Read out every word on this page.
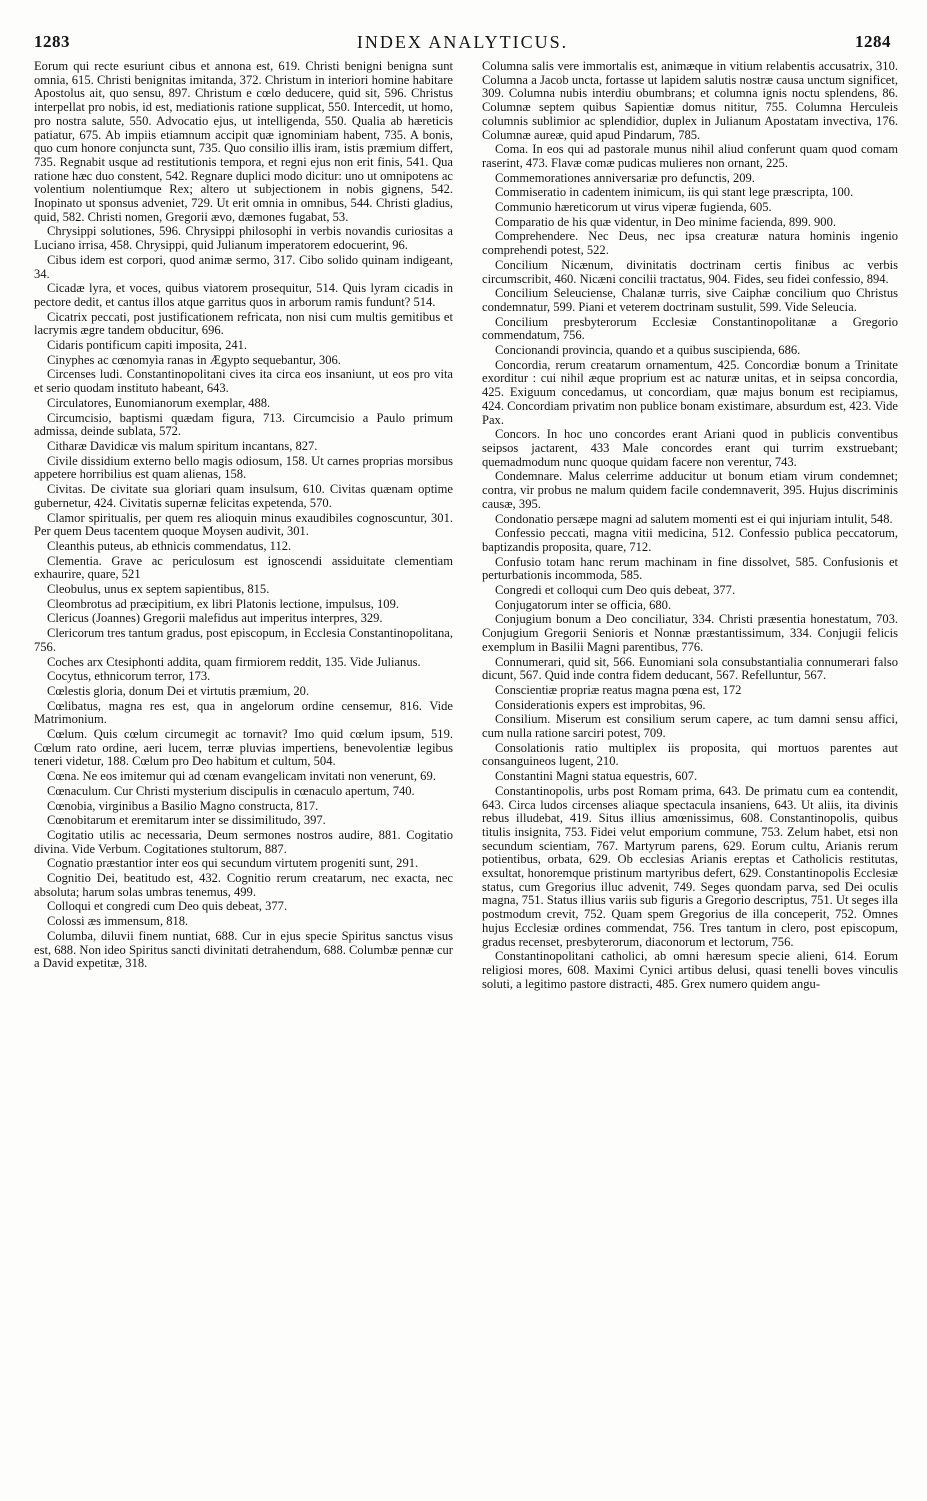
1283	INDEX ANALYTICUS.	1284

Eorum qui recte esuriunt cibus et annona est, 619. Christi benigni benigna sunt omnia, 615. Christi benignitas imitanda, 372. Christum in interiori homine habitare Apostolus ait, quo sensu, 897. Christum e cœlo deducere, quid sit, 596. Christus interpellat pro nobis, id est, mediationis ratione supplicat, 550. Intercedit, ut homo, pro nostra salute, 550. Advocatio ejus, ut intelligenda, 550. Qualia ab hæreticis patiatur, 675. Ab impiis etiamnum accipit quæ ignominiam habent, 735. A bonis, quo cum honore conjuncta sunt, 735. Quo consilio illis iram, istis præmium differt, 735. Regnabit usque ad restitutionis tempora, et regni ejus non erit finis, 541. Qua ratione hæc duo constent, 542. Regnare duplici modo dicitur: uno ut omnipotens ac volentium nolentiumque Rex; altero ut subjectionem in nobis gignens, 542. Inopinato ut sponsus adveniet, 729. Ut erit omnia in omnibus, 544. Christi gladius, quid, 582. Christi nomen, Gregorii ævo, dæmones fugabat, 53.

Chrysippi solutiones, 596. Chrysippi philosophi in verbis novandis curiositas a Luciano irrisa, 458. Chrysippi, quid Julianum imperatorem edocuerint, 96.

Cibus idem est corpori, quod animæ sermo, 317. Cibo solido quinam indigeant, 34.

Cicadæ lyra, et voces, quibus viatorem prosequitur, 514. Quis lyram cicadis in pectore dedit, et cantus illos atque garritus quos in arborum ramis fundunt? 514.

Cicatrix peccati, post justificationem refricata, non nisi cum multis gemitibus et lacrymis ægre tandem obducitur, 696.

Cidaris pontificum capiti imposita, 241.

Cinyphes ac cœnomyia ranas in Ægypto sequebantur, 306.

Circenses ludi. Constantinopolitani cives ita circa eos insaniunt, ut eos pro vita et serio quodam instituto habeant, 643.

Circulatores, Eunomianorum exemplar, 488.

Circumcisio, baptismi quædam figura, 713. Circumcisio a Paulo primum admissa, deinde sublata, 572.

Citharæ Davidicæ vis malum spiritum incantans, 827.

Civile dissidium externo bello magis odiosum, 158. Ut carnes proprias morsibus appetere horribilius est quam alienas, 158.

Civitas. De civitate sua gloriari quam insulsum, 610. Civitas quænam optime gubernetur, 424. Civitatis supernæ felicitas expetenda, 570.

Clamor spiritualis, per quem res alioquin minus exaudibiles cognoscuntur, 301. Per quem Deus tacentem quoque Moysen audivit, 301.

Cleanthis puteus, ab ethnicis commendatus, 112.

Clementia. Grave ac periculosum est ignoscendi assiduitate clementiam exhaurire, quare, 521

Cleobulus, unus ex septem sapientibus, 815.

Cleombrotus ad præcipitium, ex libri Platonis lectione, impulsus, 109.

Clericus (Joannes) Gregorii malefidus aut imperitus interpres, 329.

Clericorum tres tantum gradus, post episcopum, in Ecclesia Constantinopolitana, 756.

Coches arx Ctesiphonti addita, quam firmiorem reddit, 135. Vide Julianus.

Cocytus, ethnicorum terror, 173.

Cœlestis gloria, donum Dei et virtutis præmium, 20.

Cœlibatus, magna res est, qua in angelorum ordine censemur, 816. Vide Matrimonium.

Cœlum. Quis cœlum circumegit ac tornavit? Imo quid cœlum ipsum, 519. Cœlum rato ordine, aeri lucem, terræ pluvias impertiens, benevolentiæ legibus teneri videtur, 188. Cœlum pro Deo habitum et cultum, 504.

Cœna. Ne eos imitemur qui ad cœnam evangelicam invitati non venerunt, 69.

Cœnaculum. Cur Christi mysterium discipulis in cœnaculo apertum, 740.

Cœnobia, virginibus a Basilio Magno constructa, 817.

Cœnobitarum et eremitarum inter se dissimilitudo, 397.

Cogitatio utilis ac necessaria, Deum sermones nostros audire, 881. Cogitatio divina. Vide Verbum. Cogitationes stultorum, 887.

Cognatio præstantior inter eos qui secundum virtutem progeniti sunt, 291.

Cognitio Dei, beatitudo est, 432. Cognitio rerum creatarum, nec exacta, nec absoluta; harum solas umbras tenemus, 499.

Colloqui et congredi cum Deo quis debeat, 377.

Colossi æs immensum, 818.

Columba, diluvii finem nuntiat, 688. Cur in ejus specie Spiritus sanctus visus est, 688. Non ideo Spiritus sancti divinitati detrahendum, 688. Columbæ pennæ cur a David expetitæ, 318.

Columna salis vere immortalis est, animæque in vitium relabentis accusatrix, 310. Columna a Jacob uncta, fortasse ut lapidem salutis nostræ causa unctum significet, 309. Columna nubis interdiu obumbrans; et columna ignis noctu splendens, 86. Columnæ septem quibus Sapientiæ domus nititur, 755. Columna Herculeis columnis sublimior ac splendidior, duplex in Julianum Apostatam invectiva, 176. Columnæ aureæ, quid apud Pindarum, 785.

Coma. In eos qui ad pastorale munus nihil aliud conferunt quam quod comam raserint, 473. Flavæ comæ pudicas mulieres non ornant, 225.

Commemorationes anniversariæ pro defunctis, 209.

Commiseratio in cadentem inimicum, iis qui stant lege præscripta, 100.

Communio hæreticorum ut virus viperæ fugienda, 605.

Comparatio de his quæ videntur, in Deo minime facienda, 899. 900.

Comprehendere. Nec Deus, nec ipsa creaturæ natura hominis ingenio comprehendi potest, 522.

Concilium Nicænum, divinitatis doctrinam certis finibus ac verbis circumscribit, 460. Nicæni concilii tractatus, 904. Fides, seu fidei confessio, 894.

Concilium Seleuciense, Chalanæ turris, sive Caiphæ concilium quo Christus condemnatur, 599. Piani et veterem doctrinam sustulit, 599. Vide Seleucia.

Concilium presbyterorum Ecclesiæ Constantinopolitanæ a Gregorio commendatum, 756.

Concionandi provincia, quando et a quibus suscipienda, 686.

Concordia, rerum creatarum ornamentum, 425. Concordiæ bonum a Trinitate exorditur : cui nihil æque proprium est ac naturæ unitas, et in seipsa concordia, 425. Exiguum concedamus, ut concordiam, quæ majus bonum est recipiamus, 424. Concordiam privatim non publice bonam existimare, absurdum est, 423. Vide Pax.

Concors. In hoc uno concordes erant Ariani quod in publicis conventibus seipsos jactarent, 433 Male concordes erant qui turrim exstruebant; quemadmodum nunc quoque quidam facere non verentur, 743.

Condemnare. Malus celerrime adducitur ut bonum etiam virum condemnet; contra, vir probus ne malum quidem facile condemnaverit, 395. Hujus discriminis causæ, 395.

Condonatio persæpe magni ad salutem momenti est ei qui injuriam intulit, 548.

Confessio peccati, magna vitii medicina, 512. Confessio publica peccatorum, baptizandis proposita, quare, 712.

Confusio totam hanc rerum machinam in fine dissolvet, 585. Confusionis et perturbationis incommoda, 585.

Congredi et colloqui cum Deo quis debeat, 377.

Conjugatorum inter se officia, 680.

Conjugium bonum a Deo conciliatur, 334. Christi præsentia honestatum, 703. Conjugium Gregorii Senioris et Nonnæ præstantissimum, 334. Conjugii felicis exemplum in Basilii Magni parentibus, 776.

Connumerari, quid sit, 566. Eunomiani sola consubstantialia connumerari falso dicunt, 567. Quid inde contra fidem deducant, 567. Refelluntur, 567.

Conscientiæ propriæ reatus magna pœna est, 172

Considerationis expers est improbitas, 96.

Consilium. Miserum est consilium serum capere, ac tum damni sensu affici, cum nulla ratione sarciri potest, 709.

Consolationis ratio multiplex iis proposita, qui mortuos parentes aut consanguineos lugent, 210.

Constantini Magni statua equestris, 607.

Constantinopolis, urbs post Romam prima, 643. De primatu cum ea contendit, 643. Circa ludos circenses aliaque spectacula insaniens, 643. Ut aliis, ita divinis rebus illudebat, 419. Situs illius amœnissimus, 608. Constantinopolis, quibus titulis insignita, 753. Fidei velut emporium commune, 753. Zelum habet, etsi non secundum scientiam, 767. Martyrum parens, 629. Eorum cultu, Arianis rerum potientibus, orbata, 629. Ob ecclesias Arianis ereptas et Catholicis restitutas, exsultat, honoremque pristinum martyribus defert, 629. Constantinopolis Ecclesiæ status, cum Gregorius illuc advenit, 749. Seges quondam parva, sed Dei oculis magna, 751. Status illius variis sub figuris a Gregorio descriptus, 751. Ut seges illa postmodum crevit, 752. Quam spem Gregorius de illa conceperit, 752. Omnes hujus Ecclesiæ ordines commendat, 756. Tres tantum in clero, post episcopum, gradus recenset, presbyterorum, diaconorum et lectorum, 756.

Constantinopolitani catholici, ab omni hæresum specie alieni, 614. Eorum religiosi mores, 608. Maximi Cynici artibus delusi, quasi tenelli boves vinculis soluti, a legitimo pastore distracti, 485. Grex numero quidem angu-
